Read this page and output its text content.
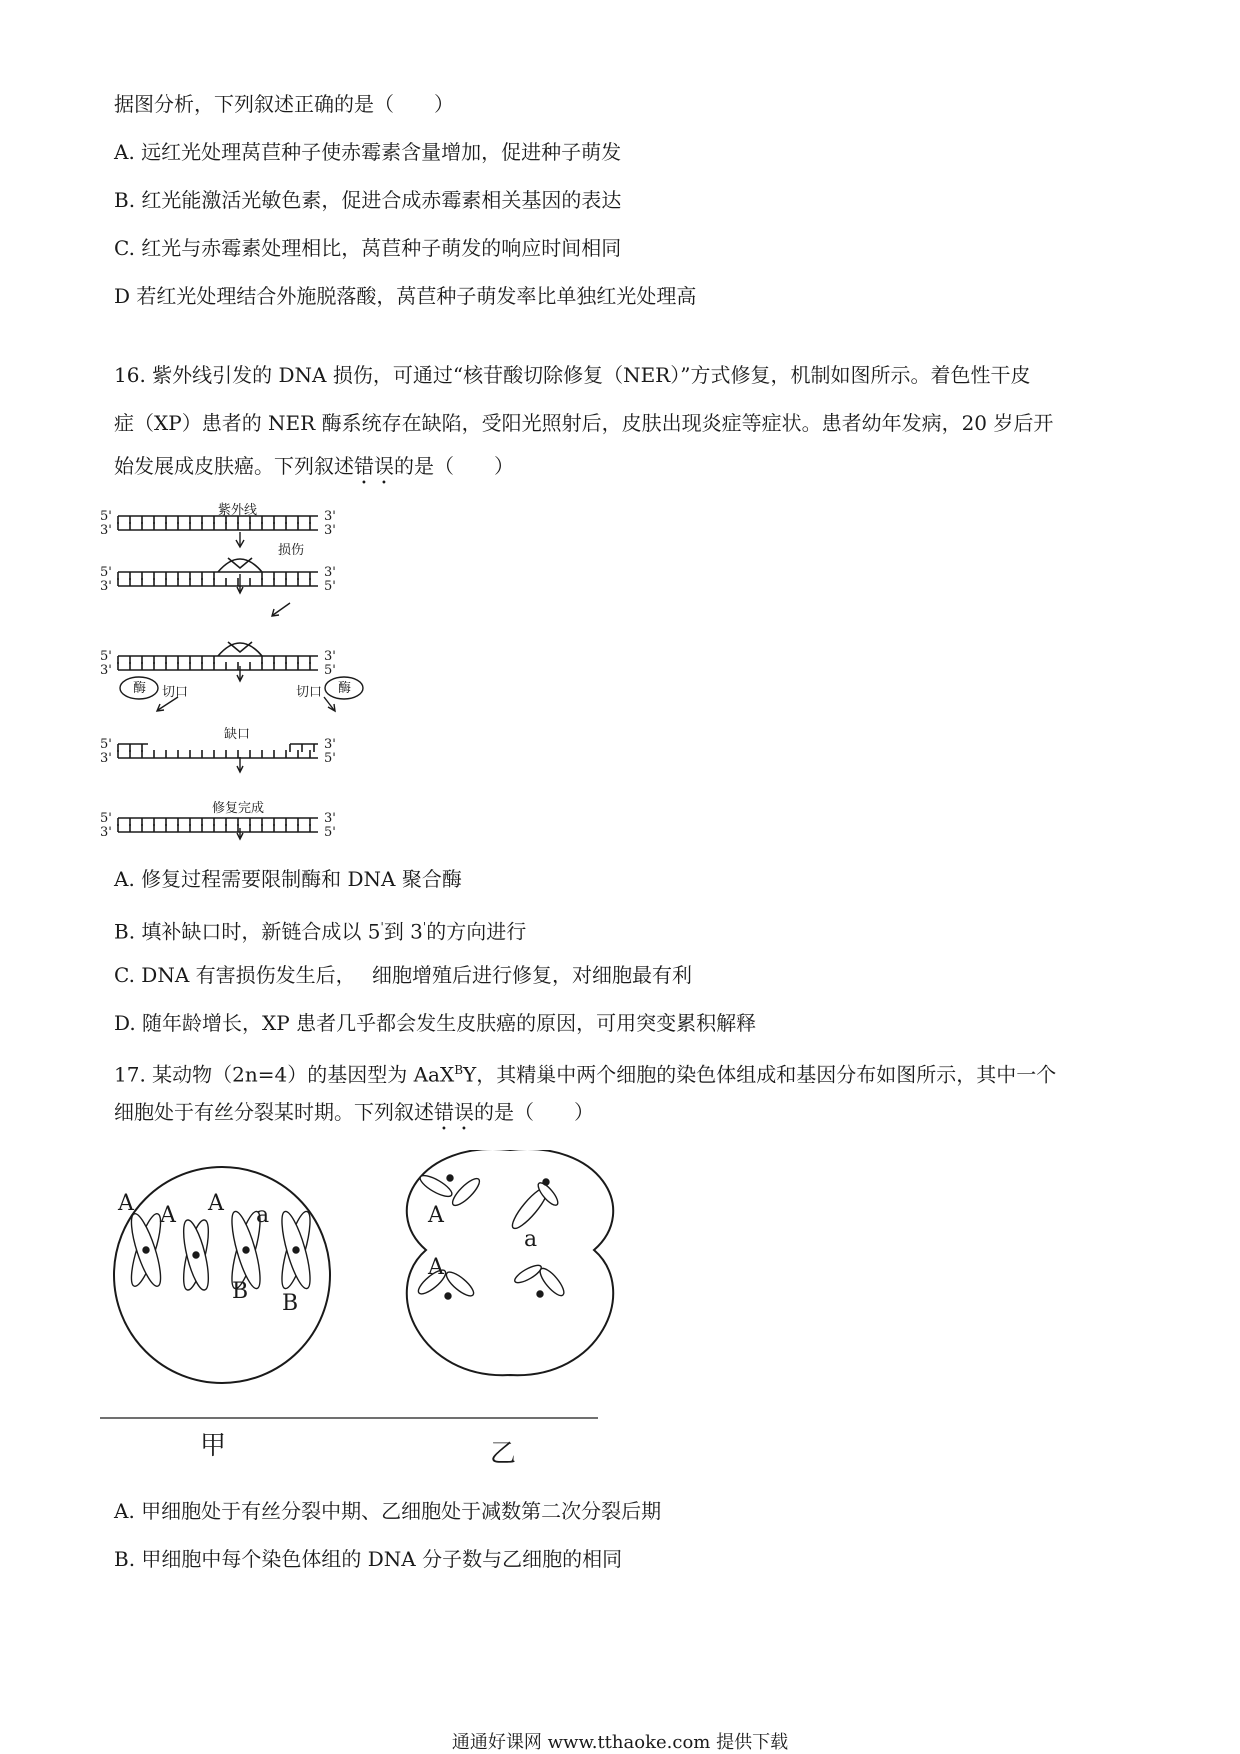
据图分析，下列叙述正确的是（　　）
A. 远红光处理莴苣种子使赤霉素含量增加，促进种子萌发
B. 红光能激活光敏色素，促进合成赤霉素相关基因的表达
C. 红光与赤霉素处理相比，莴苣种子萌发的响应时间相同
D 若红光处理结合外施脱落酸，莴苣种子萌发率比单独红光处理高
16. 紫外线引发的 DNA 损伤，可通过“核苷酸切除修复（NER）”方式修复，机制如图所示。着色性干皮
症（XP）患者的 NER 酶系统存在缺陷，受阳光照射后，皮肤出现炎症等症状。患者幼年发病，20 岁后开
始发展成皮肤癌。下列叙述错误的是（　　）
5'	3'
3'	3'
5'	3'
3'	5'
5'	3'
3'	5'
5'	3'
3'	5'
5'	3'
3'	5'
紫外线
损伤
酶	酶
切口	切口
缺口
修复完成
A. 修复过程需要限制酶和 DNA 聚合酶
B. 填补缺口时，新链合成以 5'到 3'的方向进行
C. DNA 有害损伤发生后，　 细胞增殖后进行修复，对细胞最有利
D. 随年龄增长，XP 患者几乎都会发生皮肤癌的原因，可用突变累积解释
17. 某动物（2n=4）的基因型为 AaX$^B$Y，其精巢中两个细胞的染色体组成和基因分布如图所示，其中一个
细胞处于有丝分裂某时期。下列叙述错误的是（　　）
A A A a
B B
A
a
A
甲	乙
A. 甲细胞处于有丝分裂中期、乙细胞处于减数第二次分裂后期
B. 甲细胞中每个染色体组的 DNA 分子数与乙细胞的相同
通通好课网 www.tthaoke.com 提供下载
